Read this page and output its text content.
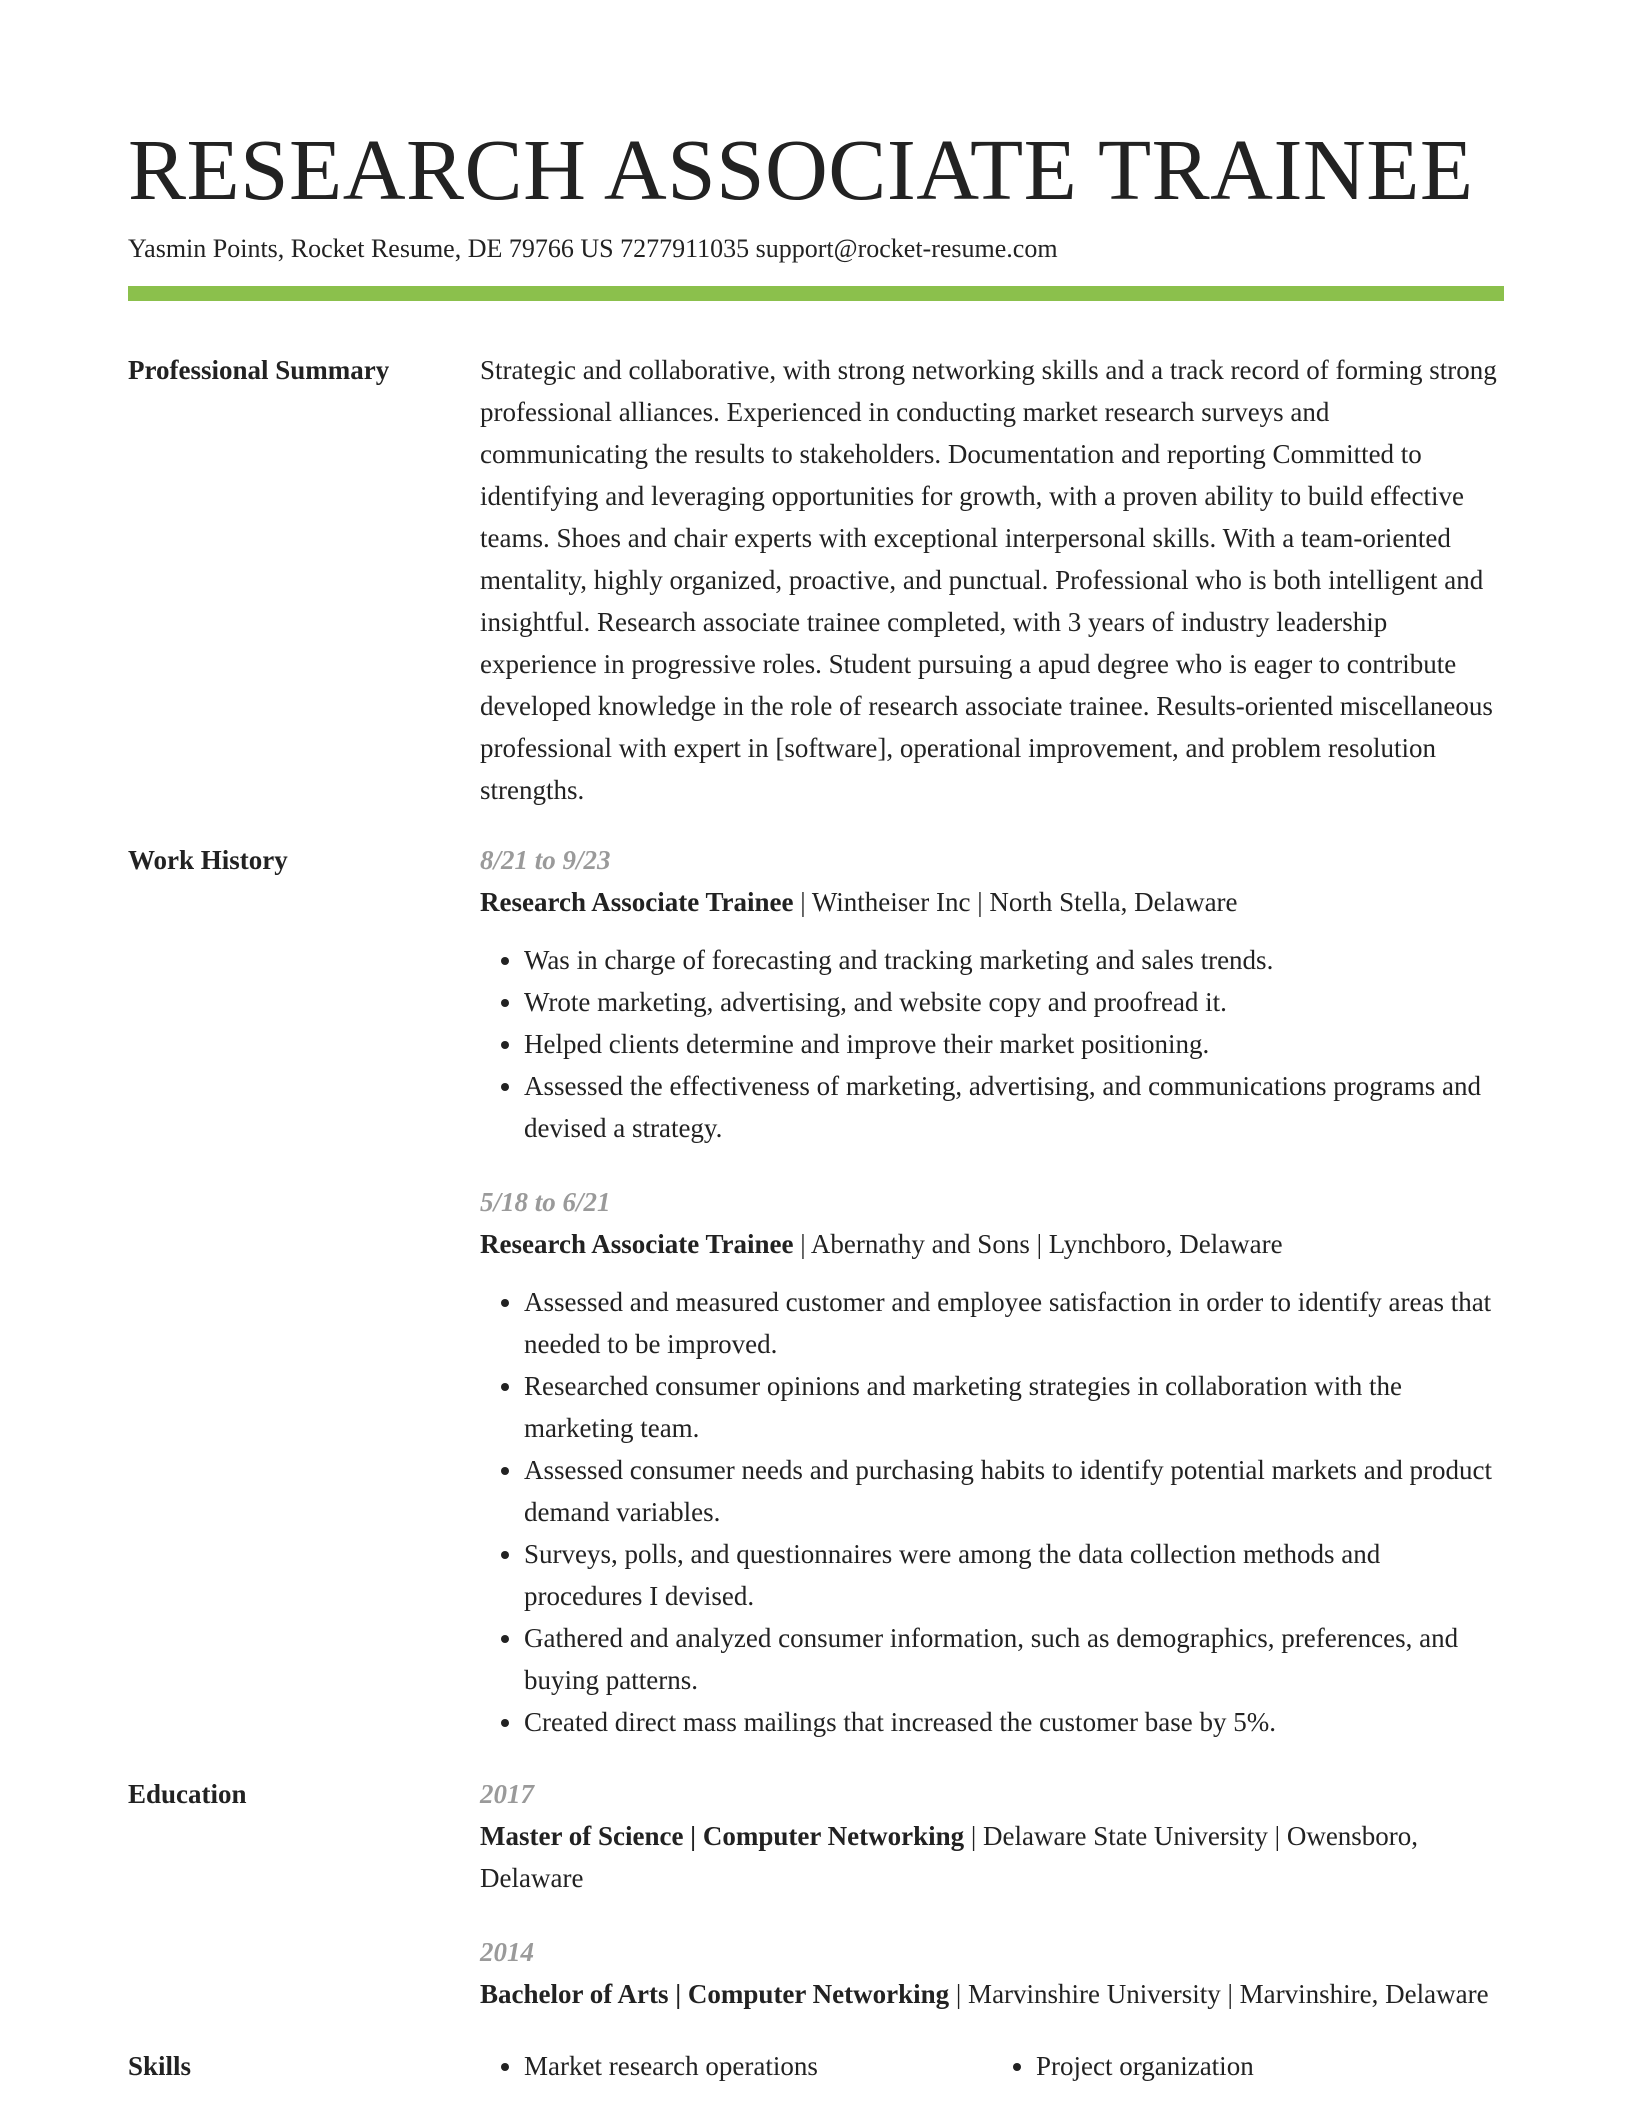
RESEARCH ASSOCIATE TRAINEE
Yasmin Points, Rocket Resume, DE 79766 US 7277911035 support@rocket-resume.com
Professional Summary	Strategic and collaborative, with strong networking skills and a track record of forming strong professional alliances. Experienced in conducting market research surveys and communicating the results to stakeholders. Documentation and reporting Committed to identifying and leveraging opportunities for growth, with a proven ability to build effective teams. Shoes and chair experts with exceptional interpersonal skills. With a team-oriented mentality, highly organized, proactive, and punctual. Professional who is both intelligent and insightful. Research associate trainee completed, with 3 years of industry leadership experience in progressive roles. Student pursuing a apud degree who is eager to contribute developed knowledge in the role of research associate trainee. Results-oriented miscellaneous professional with expert in [software], operational improvement, and problem resolution strengths.

Work History	8/21 to 9/23
Research Associate Trainee | Wintheiser Inc | North Stella, Delaware
• Was in charge of forecasting and tracking marketing and sales trends.
• Wrote marketing, advertising, and website copy and proofread it.
• Helped clients determine and improve their market positioning.
• Assessed the effectiveness of marketing, advertising, and communications programs and devised a strategy.
5/18 to 6/21
Research Associate Trainee | Abernathy and Sons | Lynchboro, Delaware
• Assessed and measured customer and employee satisfaction in order to identify areas that needed to be improved.
• Researched consumer opinions and marketing strategies in collaboration with the marketing team.
• Assessed consumer needs and purchasing habits to identify potential markets and product demand variables.
• Surveys, polls, and questionnaires were among the data collection methods and procedures I devised.
• Gathered and analyzed consumer information, such as demographics, preferences, and buying patterns.
• Created direct mass mailings that increased the customer base by 5%.
Education	2017
Master of Science | Computer Networking | Delaware State University | Owensboro, Delaware
2014
Bachelor of Arts | Computer Networking | Marvinshire University | Marvinshire, Delaware
Skills	• Market research operations	• Project organization
